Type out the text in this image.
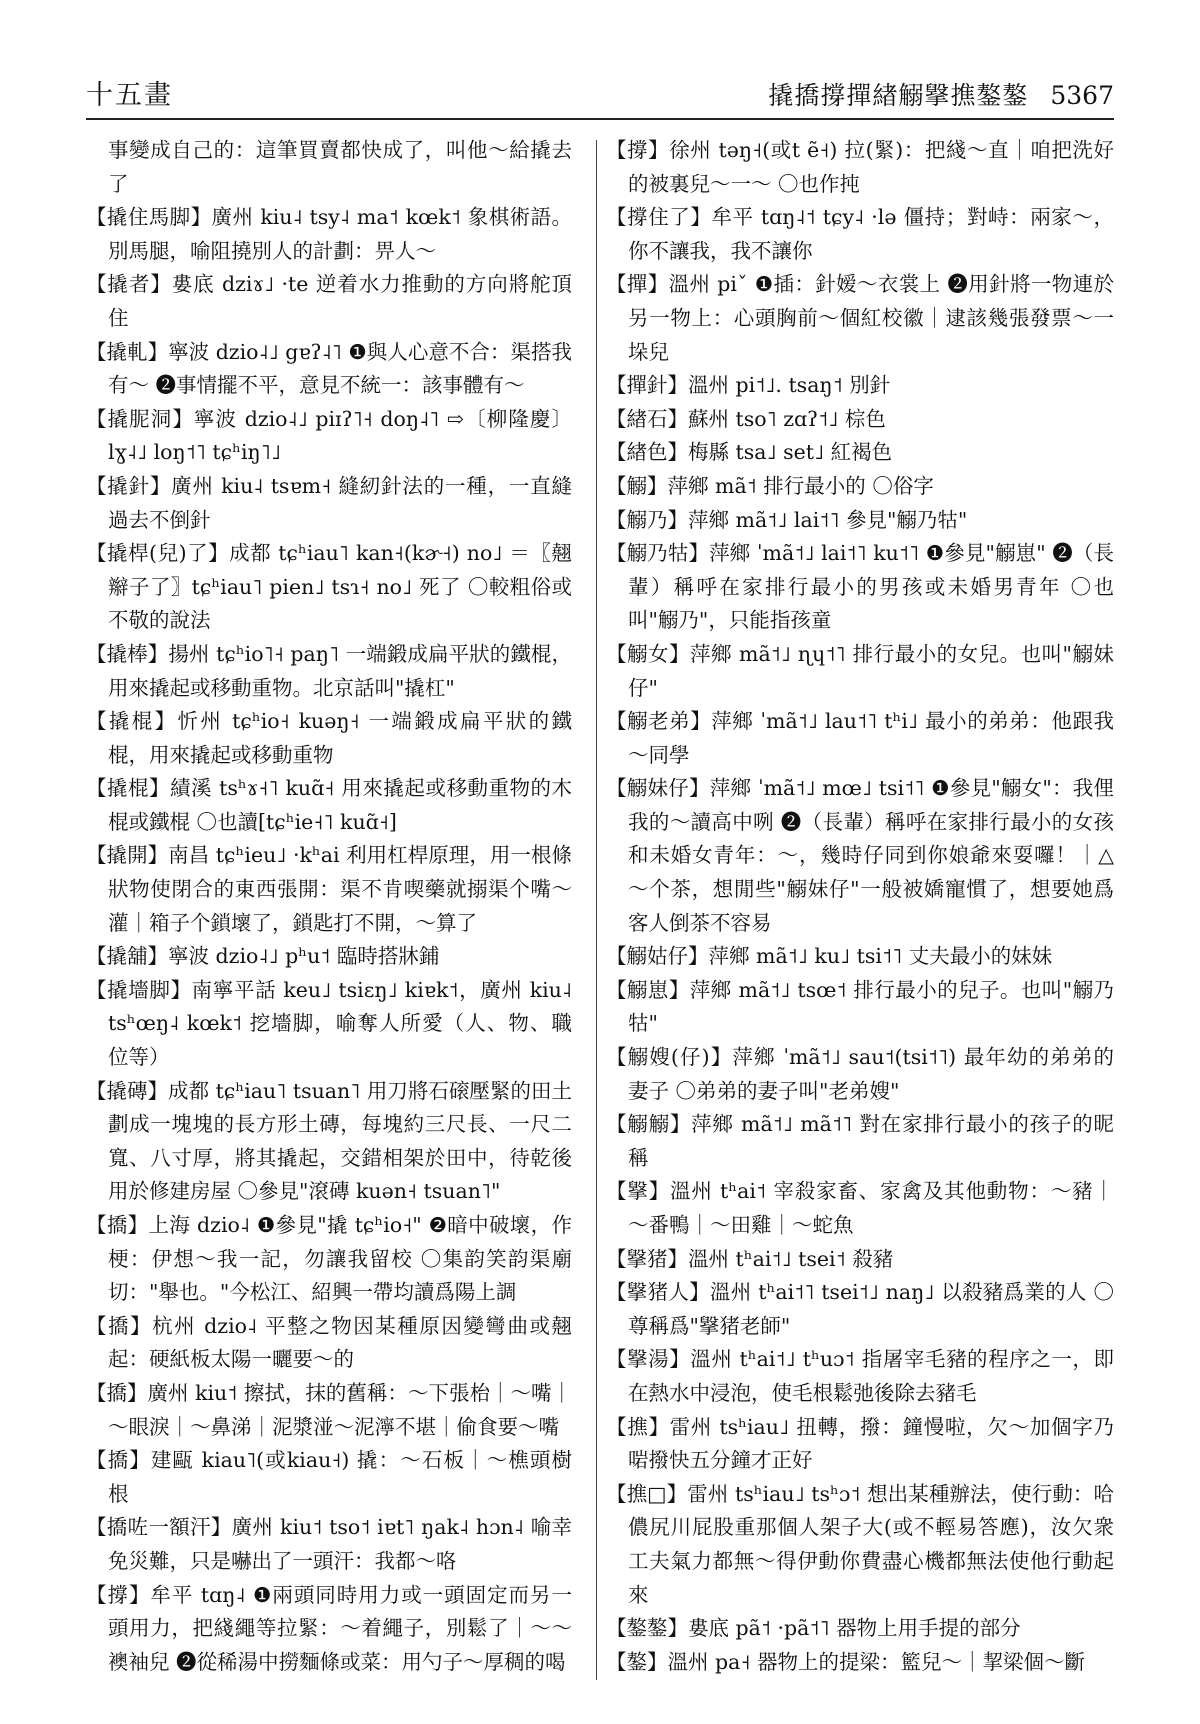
十五畫	撬撟撐撣緖䚥㩓撨鏊鏊 5367

事變成自己的：這筆買賣都快成了，叫他～給撬去了

【撬住馬脚】廣州 kiu˨ tsy˨ ma˦ kœk˦ 象棋術語。別馬腿，喻阻撓別人的計劃：畀人～

【撬者】婁底 dziɤ˩ ·te 逆着水力推動的方向將舵頂住

【撬軋】寧波 dzio˨˩ gɐʔ˨˥ ❶與人心意不合：渠搭我有～ ❷事情擺不平，意見不統一：該事體有～

【撬胒洞】寧波 dzio˨˩ piɪʔ˥˧ doŋ˨˥ ⇨〔柳隆慶〕lɣ˨˩ loŋ˦˥ tɕʰiŋ˥˩

【撬針】廣州 kiu˨ tsɐm˧ 縫紉針法的一種，一直縫過去不倒針

【撬桿(兒)了】成都 tɕʰiau˥ kan˧(kɚ˧) no˩ ＝〖翹辮子了〗tɕʰiau˥ pien˩ tsɿ˧ no˩ 死了 〇較粗俗或不敬的說法

【撬棒】揚州 tɕʰio˥˧ paŋ˥ 一端鍛成扁平狀的鐵棍，用來撬起或移動重物。北京話叫"撬杠"

【撬棍】忻州 tɕʰio˧ kuəŋ˧ 一端鍛成扁平狀的鐵棍，用來撬起或移動重物

【撬棍】績溪 tsʰɤ˧˥ kuɑ̃˧ 用來撬起或移動重物的木棍或鐵棍 〇也讀[tɕʰie˧˥ kuɑ̃˧]

【撬開】南昌 tɕʰieu˩ ·kʰai 利用杠桿原理，用一根條狀物使閉合的東西張開：渠不肯喫藥就搦渠个嘴～灌｜箱子个鎖壞了，鎖匙打不開，～算了

【撬舖】寧波 dzio˨˩ pʰu˦ 臨時搭牀鋪

【撬墻脚】南寧平話 keu˩ tsiɛŋ˩ kiɐk˦，廣州 kiu˨ tsʰœŋ˨ kœk˦ 挖墻脚，喻奪人所愛（人、物、職位等）

【撬磚】成都 tɕʰiau˥ tsuan˥ 用刀將石磙壓緊的田土劃成一塊塊的長方形土磚，每塊約三尺長、一尺二寬、八寸厚，將其撬起，交錯相架於田中，待乾後用於修建房屋 〇參見"滾磚 kuən˧ tsuan˥"

【撟】上海 dzio˨ ❶參見"撬 tɕʰio˧" ❷暗中破壞，作梗：伊想～我一記，勿讓我留校 〇集韵笑韵渠廟切："舉也。"今松江、紹興一帶均讀爲陽上調

【撟】杭州 dzio˨ 平整之物因某種原因變彎曲或翹起：硬紙板太陽一曬要～的

【撟】廣州 kiu˦ 擦拭，抹的舊稱：～下張枱｜～嘴｜～眼淚｜～鼻涕｜泥漿湴～泥濘不堪｜偷食要～嘴

【撟】建甌 kiau˥(或kiau˧) 撬：～石板｜～樵頭樹根

【撟咗一額汗】廣州 kiu˦ tso˦ iɐt˥ ŋak˨ hɔn˨ 喻幸免災難，只是嚇出了一頭汗：我都～咯

【撐】牟平 tɑŋ˨ ❶兩頭同時用力或一頭固定而另一頭用力，把綫繩等拉緊：～着繩子，別鬆了｜～～襖袖兒 ❷從稀湯中撈麵條或菜：用勺子～厚稠的喝

【撐】徐州 təŋ˧(或t ẽ˧) 拉(緊)：把綫～直｜咱把洗好的被裏兒～一～ 〇也作扽

【撐住了】牟平 tɑŋ˨˦ tɕy˨ ·lə 僵持；對峙：兩家～，你不讓我，我不讓你

【撣】溫州 piˇ ❶插：針嫒～衣裳上 ❷用針將一物連於另一物上：心頭胸前～個紅校徽｜逮該幾張發票～一垛兒

【撣針】溫州 pi˦˩. tsaŋ˦ 別針

【緖石】蘇州 tso˥ zɑʔ˦˩ 棕色

【緖色】梅縣 tsa˩ set˩ 紅褐色

【䚥】萍鄉 mã˦ 排行最小的 〇俗字

【䚥乃】萍鄉 mã˦˩ lai˦˥ 參見"䚥乃牯"

【䚥乃牯】萍鄉 ˈmã˦˩ lai˦˥ ku˦˥ ❶參見"䚥崽" ❷（長輩）稱呼在家排行最小的男孩或未婚男青年 〇也叫"䚥乃"，只能指孩童

【䚥女】萍鄉 mã˦˩ ɳɥ˦˥ 排行最小的女兒。也叫"䚥妹仔"

【䚥老弟】萍鄉 ˈmã˦˩ lau˦˥ tʰi˩ 最小的弟弟：他跟我～同學

【䚥妹仔】萍鄉 ˈmã˦˩ mœ˩ tsi˦˥ ❶參見"䚥女"：我俚我的～讀高中咧 ❷（長輩）稱呼在家排行最小的女孩和未婚女青年：～，幾時仔同到你娘爺來耍囉！｜△～个茶，想閒些"䚥妹仔"一般被嬌寵慣了，想要她爲客人倒茶不容易

【䚥姑仔】萍鄉 mã˦˩ ku˩ tsi˦˥ 丈夫最小的妹妹

【䚥崽】萍鄉 mã˦˩ tsœ˦ 排行最小的兒子。也叫"䚥乃牯"

【䚥嫂(仔)】萍鄉 ˈmã˦˩ sau˦(tsi˦˥) 最年幼的弟弟的妻子 〇弟弟的妻子叫"老弟嫂"

【䚥䚥】萍鄉 mã˦˩ mã˦˥ 對在家排行最小的孩子的昵稱

【㩓】溫州 tʰai˦ 宰殺家畜、家禽及其他動物：～豬｜～番鴨｜～田雞｜～蛇魚

【㩓猪】溫州 tʰai˦˩ tsei˦ 殺豬

【㩓猪人】溫州 tʰai˦˥ tsei˦˩ naŋ˩ 以殺豬爲業的人 〇尊稱爲"㩓猪老師"

【㩓湯】溫州 tʰai˦˩ tʰuɔ˦ 指屠宰毛豬的程序之一，即在熱水中浸泡，使毛根鬆弛後除去豬毛

【撨】雷州 tsʰiau˩ 扭轉，撥：鐘慢啦，欠～加個字乃啱撥快五分鐘才正好

【撨□】雷州 tsʰiau˩ tsʰɔ˦ 想出某種辦法，使行動：哈儂尻川屁股重那個人架子大(或不輕易答應)，汝欠衆工夫氣力都無～得伊動你費盡心機都無法使他行動起來

【鏊鏊】婁底 pã˦ ·pã˦˥ 器物上用手提的部分

【鏊】溫州 pa˧ 器物上的提梁：籃兒～｜挈梁個～斷
